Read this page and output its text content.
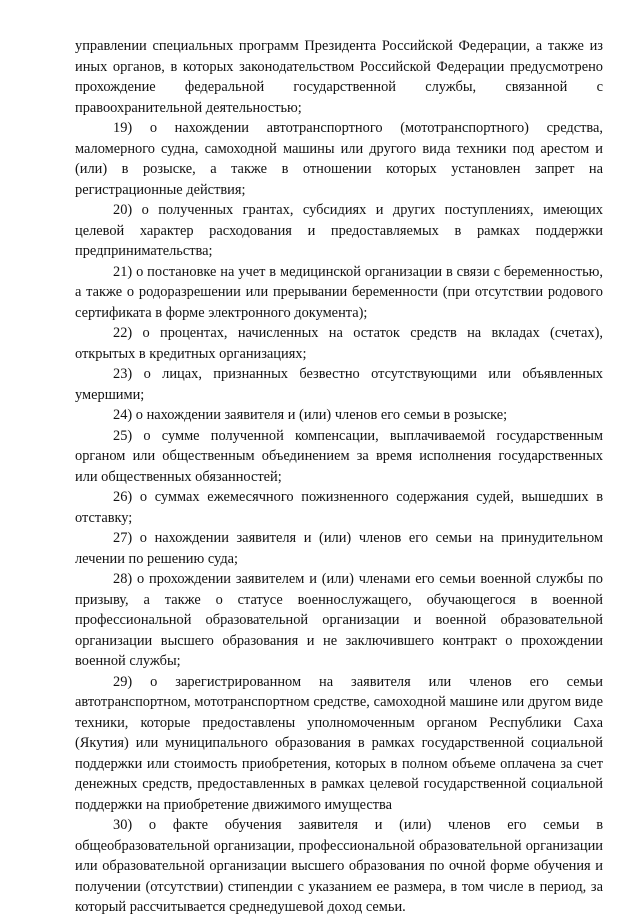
управлении специальных программ Президента Российской Федерации, а также из иных органов, в которых законодательством Российской Федерации предусмотрено прохождение федеральной государственной службы, связанной с правоохранительной деятельностью;

19) о нахождении автотранспортного (мототранспортного) средства, маломерного судна, самоходной машины или другого вида техники под арестом и (или) в розыске, а также в отношении которых установлен запрет на регистрационные действия;

20) о полученных грантах, субсидиях и других поступлениях, имеющих целевой характер расходования и предоставляемых в рамках поддержки предпринимательства;

21) о постановке на учет в медицинской организации в связи с беременностью, а также о родоразрешении или прерывании беременности (при отсутствии родового сертификата в форме электронного документа);

22) о процентах, начисленных на остаток средств на вкладах (счетах), открытых в кредитных организациях;

23) о лицах, признанных безвестно отсутствующими или объявленных умершими;

24) о нахождении заявителя и (или) членов его семьи в розыске;

25) о сумме полученной компенсации, выплачиваемой государственным органом или общественным объединением за время исполнения государственных или общественных обязанностей;

26) о суммах ежемесячного пожизненного содержания судей, вышедших в отставку;

27) о нахождении заявителя и (или) членов его семьи на принудительном лечении по решению суда;

28) о прохождении заявителем и (или) членами его семьи военной службы по призыву, а также о статусе военнослужащего, обучающегося в военной профессиональной образовательной организации и военной образовательной организации высшего образования и не заключившего контракт о прохождении военной службы;

29) о зарегистрированном на заявителя или членов его семьи автотранспортном, мототранспортном средстве, самоходной машине или другом виде техники, которые предоставлены уполномоченным органом Республики Саха (Якутия) или муниципального образования в рамках государственной социальной поддержки или стоимость приобретения, которых в полном объеме оплачена за счет денежных средств, предоставленных в рамках целевой государственной социальной поддержки на приобретение движимого имущества

30) о факте обучения заявителя и (или) членов его семьи в общеобразовательной организации, профессиональной образовательной организации или образовательной организации высшего образования по очной форме обучения и получении (отсутствии) стипендии с указанием ее размера, в том числе в период, за который рассчитывается среднедушевой доход семьи.
